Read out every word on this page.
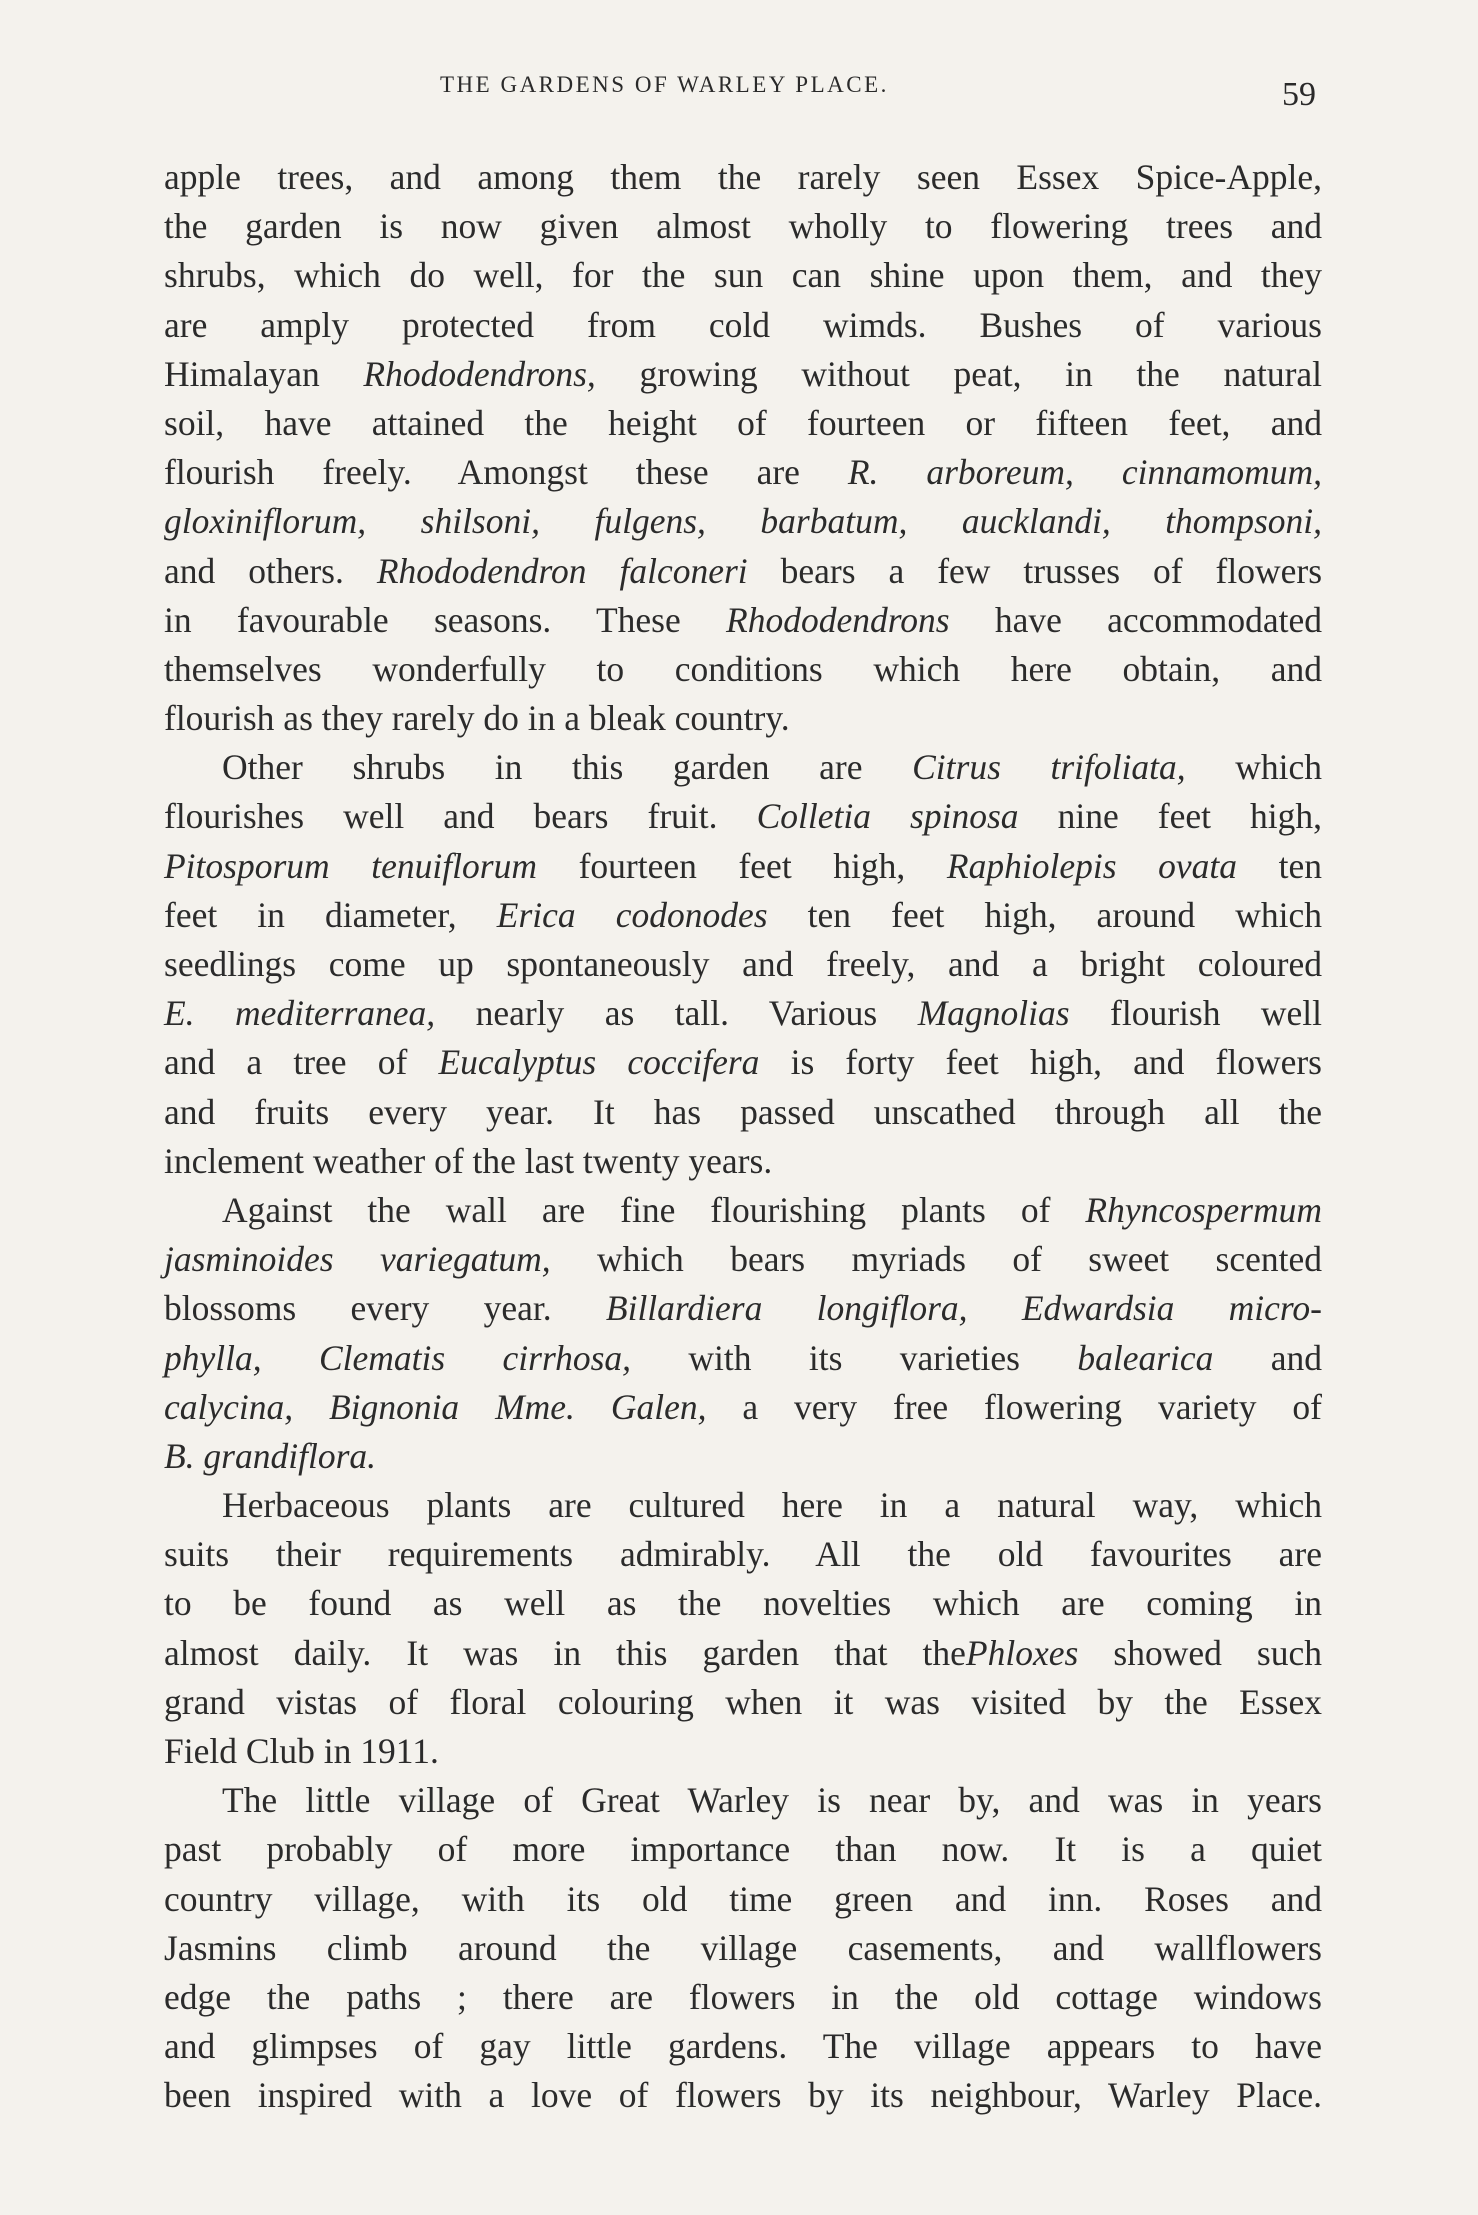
THE GARDENS OF WARLEY PLACE.	59
apple trees, and among them the rarely seen Essex Spice-Apple,
the garden is now given almost wholly to flowering trees and
shrubs, which do well, for the sun can shine upon them, and they
are amply protected from cold wimds. Bushes of various
Himalayan Rhododendrons, growing without peat, in the natural
soil, have attained the height of fourteen or fifteen feet, and
flourish freely. Amongst these are R. arboreum, cinnamomum,
gloxiniflorum, shilsoni, fulgens, barbatum, aucklandi, thompsoni,
and others. Rhododendron falconeri bears a few trusses of flowers
in favourable seasons. These Rhododendrons have accommodated
themselves wonderfully to conditions which here obtain, and
flourish as they rarely do in a bleak country.
Other shrubs in this garden are Citrus trifoliata, which
flourishes well and bears fruit. Colletia spinosa nine feet high,
Pitosporum tenuiflorum fourteen feet high, Raphiolepis ovata ten
feet in diameter, Erica codonodes ten feet high, around which
seedlings come up spontaneously and freely, and a bright coloured
E. mediterranea, nearly as tall. Various Magnolias flourish well
and a tree of Eucalyptus coccifera is forty feet high, and flowers
and fruits every year. It has passed unscathed through all the
inclement weather of the last twenty years.
Against the wall are fine flourishing plants of Rhyncospermum
jasminoides variegatum, which bears myriads of sweet scented
blossoms every year. Billardiera longiflora, Edwardsia micro-
phylla, Clematis cirrhosa, with its varieties balearica and
calycina, Bignonia Mme. Galen, a very free flowering variety of
B. grandiflora.
Herbaceous plants are cultured here in a natural way, which
suits their requirements admirably. All the old favourites are
to be found as well as the novelties which are coming in
almost daily. It was in this garden that thePhloxes showed such
grand vistas of floral colouring when it was visited by the Essex
Field Club in 1911.
The little village of Great Warley is near by, and was in years
past probably of more importance than now. It is a quiet
country village, with its old time green and inn. Roses and
Jasmins climb around the village casements, and wallflowers
edge the paths ; there are flowers in the old cottage windows
and glimpses of gay little gardens. The village appears to have
been inspired with a love of flowers by its neighbour, Warley Place.
